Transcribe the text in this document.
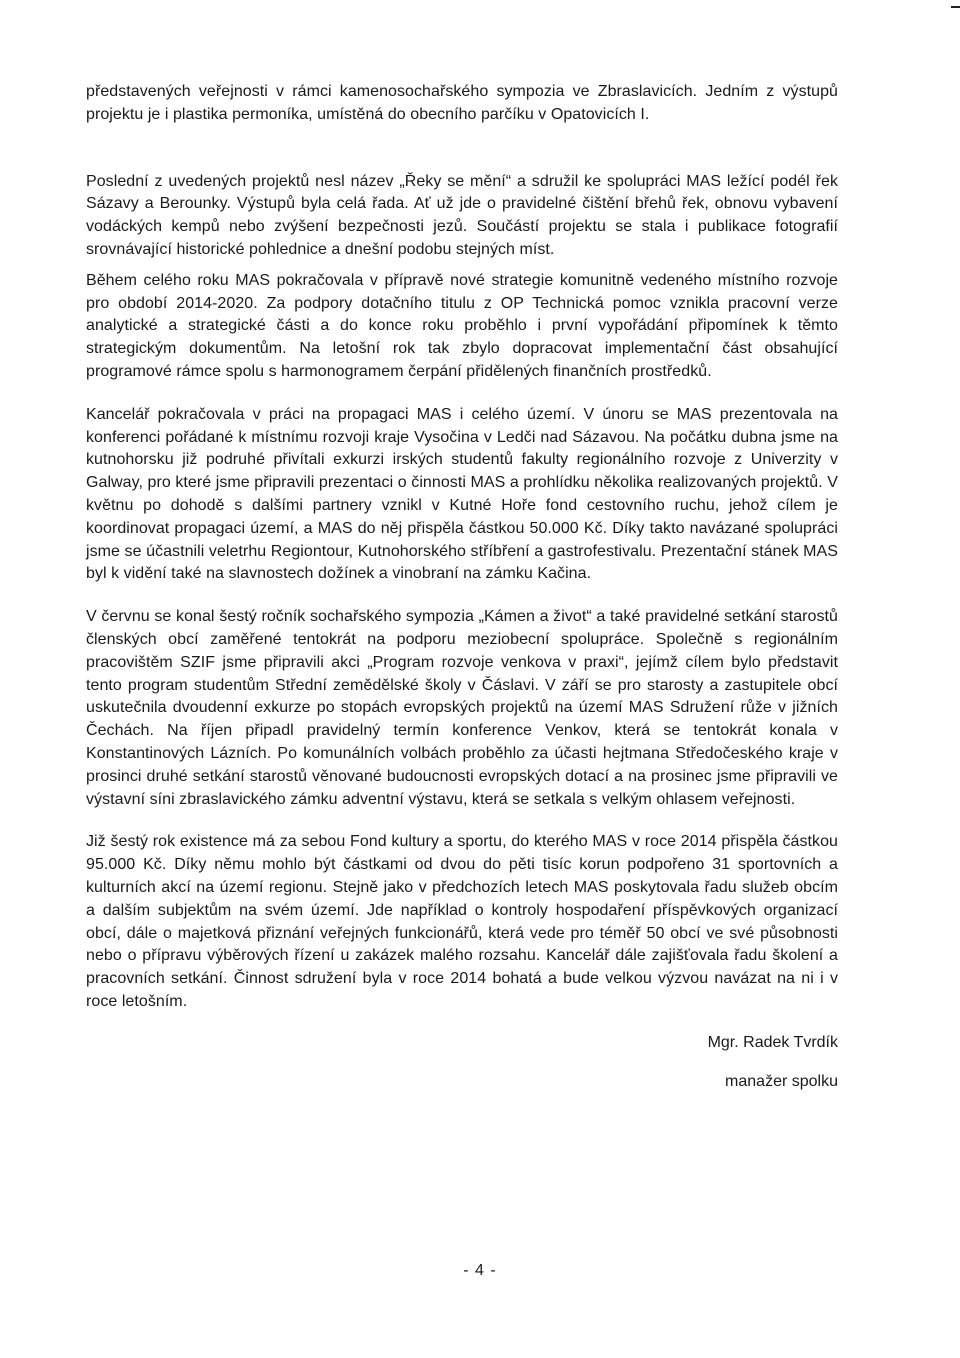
představených veřejnosti v rámci kamenosochařského sympozia ve Zbraslavicích. Jedním z výstupů projektu je i plastika permoníka, umístěná do obecního parčíku v Opatovicích I.

Poslední z uvedených projektů nesl název „Řeky se mění“ a sdružil ke spolupráci MAS ležící podél řek Sázavy a Berounky. Výstupů byla celá řada. Ať už jde o pravidelné čištění břehů řek, obnovu vybavení vodáckých kempů nebo zvýšení bezpečnosti jezů. Součástí projektu se stala i publikace fotografií srovnávající historické pohlednice a dnešní podobu stejných míst.

Během celého roku MAS pokračovala v přípravě nové strategie komunitně vedeného místního rozvoje pro období 2014-2020. Za podpory dotačního titulu z OP Technická pomoc vznikla pracovní verze analytické a strategické části a do konce roku proběhlo i první vypořádání připomínek k těmto strategickým dokumentům. Na letošní rok tak zbylo dopracovat implementační část obsahující programové rámce spolu s harmonogramem čerpání přidělených finančních prostředků.

Kancelář pokračovala v práci na propagaci MAS i celého území. V únoru se MAS prezentovala na konferenci pořádané k místnímu rozvoji kraje Vysočina v Ledči nad Sázavou. Na počátku dubna jsme na kutnohorsku již podruhé přivítali exkurzi irských studentů fakulty regionálního rozvoje z Univerzity v Galway, pro které jsme připravili prezentaci o činnosti MAS a prohlídku několika realizovaných projektů. V květnu po dohodě s dalšími partnery vznikl v Kutné Hoře fond cestovního ruchu, jehož cílem je koordinovat propagaci území, a MAS do něj přispěla částkou 50.000 Kč. Díky takto navázané spolupráci jsme se účastnili veletrhu Regiontour, Kutnohorského stříbření a gastrofestivalu. Prezentační stánek MAS byl k vidění také na slavnostech dožínek a vinobraní na zámku Kačina.

V červnu se konal šestý ročník sochařského sympozia „Kámen a život“ a také pravidelné setkání starostů členských obcí zaměřené tentokrát na podporu meziobecní spolupráce. Společně s regionálním pracovištěm SZIF jsme připravili akci „Program rozvoje venkova v praxi“, jejímž cílem bylo představit tento program studentům Střední zemědělské školy v Čáslavi. V září se pro starosty a zastupitele obcí uskutečnila dvoudenní exkurze po stopách evropských projektů na území MAS Sdružení růže v jižních Čechách. Na říjen připadl pravidelný termín konference Venkov, která se tentokrát konala v Konstantinových Lázních. Po komunálních volbách proběhlo za účasti hejtmana Středočeského kraje v prosinci druhé setkání starostů věnované budoucnosti evropských dotací a na prosinec jsme připravili ve výstavní síni zbraslavického zámku adventní výstavu, která se setkala s velkým ohlasem veřejnosti.

Již šestý rok existence má za sebou Fond kultury a sportu, do kterého MAS v roce 2014 přispěla částkou 95.000 Kč. Díky němu mohlo být částkami od dvou do pěti tisíc korun podpořeno 31 sportovních a kulturních akcí na území regionu. Stejně jako v předchozích letech MAS poskytovala řadu služeb obcím a dalším subjektům na svém území. Jde například o kontroly hospodaření příspěvkových organizací obcí, dále o majetková přiznání veřejných funkcionářů, která vede pro téměř 50 obcí ve své působnosti nebo o přípravu výběrových řízení u zakázek malého rozsahu. Kancelář dále zajišťovala řadu školení a pracovních setkání. Činnost sdružení byla v roce 2014 bohatá a bude velkou výzvou navázat na ni i v roce letošním.

Mgr. Radek Tvrdík
manažer spolku
- 4 -
